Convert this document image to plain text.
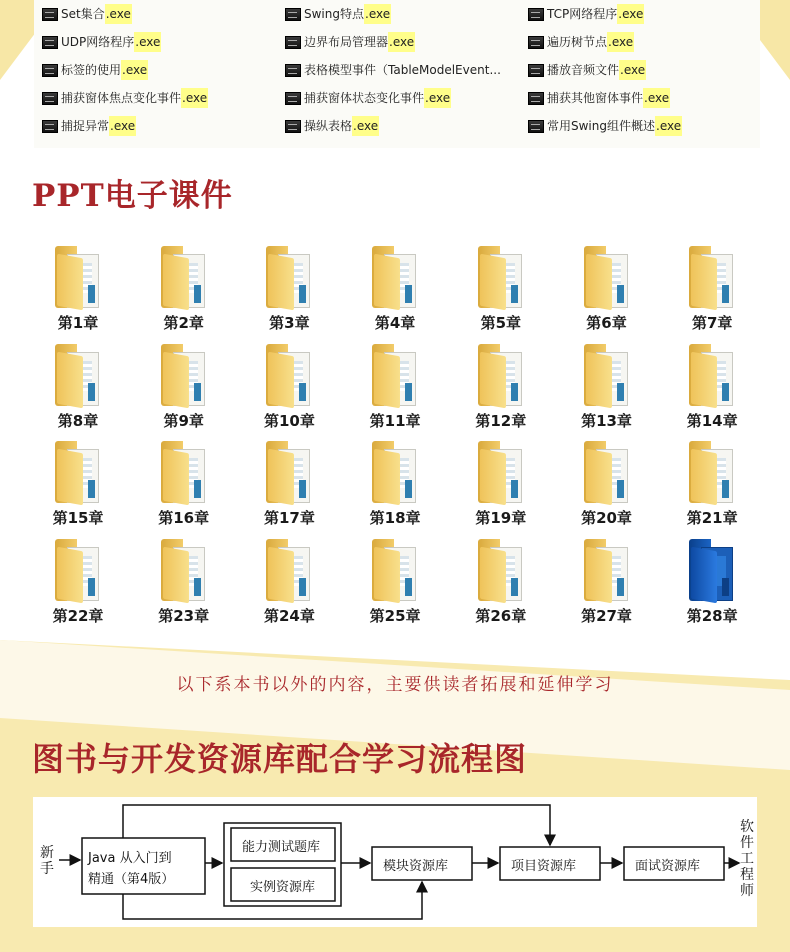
Set集合 .exe	Swing特点 .exe	TCP网络程序 .exe
UDP网络程序 .exe	边界布局管理器 .exe	遍历树节点 .exe
标签的使用 .exe	表格模型事件（TableModelEvent...	播放音频文件 .exe
捕获窗体焦点变化事件 .exe	捕获窗体状态变化事件 .exe	捕获其他窗体事件 .exe
捕捉异常 .exe	操纵表格 .exe	常用Swing组件概述 .exe
PPT电子课件
第1章	第2章	第3章	第4章	第5章	第6章	第7章
第8章	第9章	第10章	第11章	第12章	第13章	第14章
第15章	第16章	第17章	第18章	第19章	第20章	第21章
第22章	第23章	第24章	第25章	第26章	第27章	第28章
以下系本书以外的内容，主要供读者拓展和延伸学习
图书与开发资源库配合学习流程图
新手
Java 从入门到
精通（第4版）
能力测试题库
实例资源库
模块资源库	项目资源库	面试资源库
软件工程师
